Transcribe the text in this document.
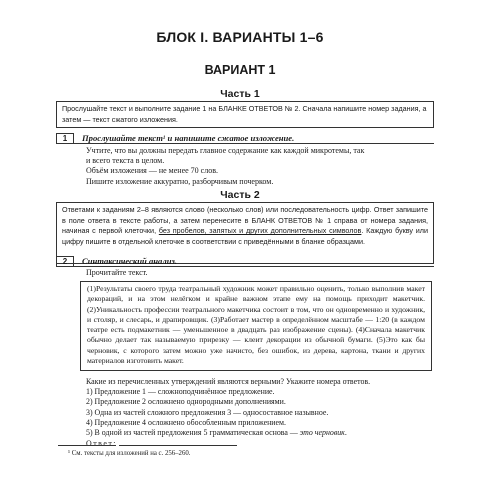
БЛОК I. ВАРИАНТЫ 1–6
ВАРИАНТ 1
Часть 1
Прослушайте текст и выполните задание 1 на БЛАНКЕ ОТВЕТОВ № 2. Сначала напишите номер задания, а затем — текст сжатого изложения.
1	Прослушайте текст$^1$ и напишите сжатое изложение.
Учтите, что вы должны передать главное содержание как каждой микротемы, так
и всего текста в целом.
Объём изложения — не менее 70 слов.
Пишите изложение аккуратно, разборчивым почерком.
Часть 2
Ответами к заданиям 2–8 являются слово (несколько слов) или последовательность цифр. Ответ запишите в поле ответа в тексте работы, а затем перенесите в БЛАНК ОТВЕТОВ № 1 справа от номера задания, начиная с первой клеточки, без пробелов, запятых и других дополнительных символов. Каждую букву или цифру пишите в отдельной клеточке в соответствии с приведёнными в бланке образцами.
2	Синтаксический анализ.
Прочитайте текст.
(1)Результаты своего труда театральный художник может правильно оценить, только выполнив макет декораций, и на этом нелёгком и крайне важном этапе ему на помощь приходит макетчик. (2)Уникальность профессии театрального макетчика состоит в том, что он одновременно и художник, и столяр, и слесарь, и драпировщик. (3)Работает мастер в определённом масштабе — 1:20 (в каждом театре есть подмакетник — уменьшенное в двадцать раз изображение сцены). (4)Сначала макетчик обычно делает так называемую прирезку — клеит декорации из обычной бумаги. (5)Это как бы черновик, с которого затем можно уже начисто, без ошибок, из дерева, картона, ткани и других материалов изготовить макет.
Какие из перечисленных утверждений являются верными? Укажите номера ответов.
1) Предложение 1 — сложноподчинённое предложение.
2) Предложение 2 осложнено однородными дополнениями.
3) Одна из частей сложного предложения 3 — односоставное назывное.
4) Предложение 4 осложнено обособленным приложением.
5) В одной из частей предложения 5 грамматическая основа — это черновик.
Ответ:
¹ См. тексты для изложений на с. 256–260.
